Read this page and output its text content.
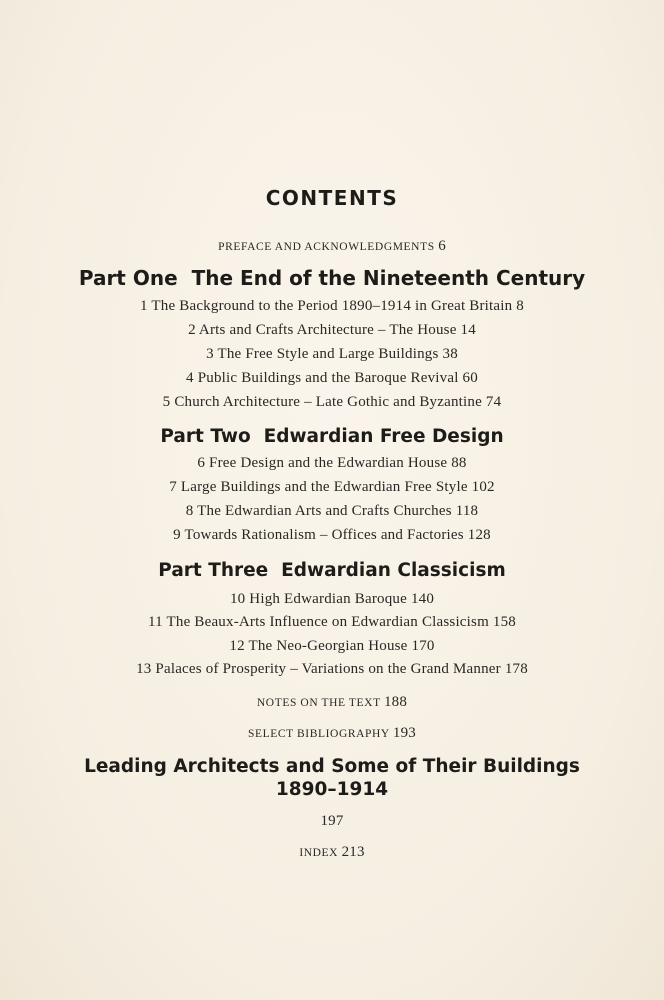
CONTENTS
PREFACE AND ACKNOWLEDGMENTS 6
Part One  The End of the Nineteenth Century
1 The Background to the Period 1890–1914 in Great Britain 8
2 Arts and Crafts Architecture – The House 14
3 The Free Style and Large Buildings 38
4 Public Buildings and the Baroque Revival 60
5 Church Architecture – Late Gothic and Byzantine 74
Part Two  Edwardian Free Design
6 Free Design and the Edwardian House 88
7 Large Buildings and the Edwardian Free Style 102
8 The Edwardian Arts and Crafts Churches 118
9 Towards Rationalism – Offices and Factories 128
Part Three  Edwardian Classicism
10 High Edwardian Baroque 140
11 The Beaux-Arts Influence on Edwardian Classicism 158
12 The Neo-Georgian House 170
13 Palaces of Prosperity – Variations on the Grand Manner 178
NOTES ON THE TEXT 188
SELECT BIBLIOGRAPHY 193
Leading Architects and Some of Their Buildings
1890–1914
197
INDEX 213
